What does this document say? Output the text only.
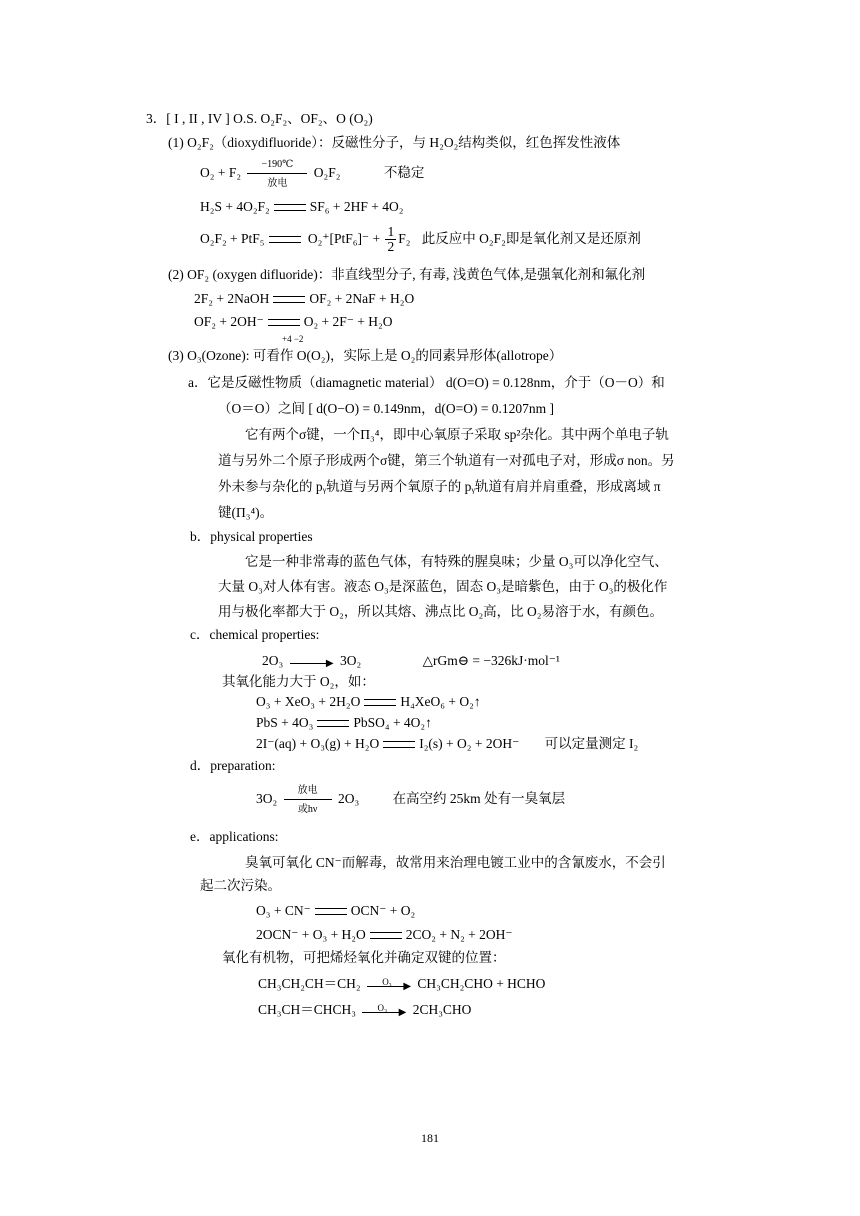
3．[ I , II , IV ] O.S. O₂F₂、OF₂、O (O₂)
(1) O₂F₂（dioxydifluoride）：反磁性分子，与 H₂O₂结构类似，红色挥发性液体
O₂ + F₂
−190℃
放电
O₂F₂	不稳定
H₂S + 4O₂F₂	SF₆ + 2HF + 4O₂
O₂F₂ + PtF₅	$O_2^+[PtF_6]^- + \frac{1}{2} F_2$ 此反应中 O₂F₂即是氧化剂又是还原剂
(2) OF₂ (oxygen difluoride)：非直线型分子, 有毒, 浅黄色气体,是强氧化剂和氟化剂
2F₂ + 2NaOH	OF₂ + 2NaF + H₂O
OF₂ + 2OH⁻	O₂ + 2F⁻ + H₂O
+4 −2
(3) O₃(Ozone): 可看作 O(O₂)，实际上是 O₂的同素异形体(allotrope）
a．它是反磁性物质（diamagnetic material） d(O=O) = 0.128nm，介于（O－O）和
（O＝O）之间 [ d(O−O) = 0.149nm，d(O=O) = 0.1207nm ]
它有两个σ键，一个Π₃⁴，即中心氧原子采取 sp²杂化。其中两个单电子轨
道与另外二个原子形成两个σ键，第三个轨道有一对孤电子对，形成σ non。另
外未参与杂化的 pᵧ轨道与另两个氧原子的 pᵧ轨道有肩并肩重叠，形成离域 π
键(Π₃⁴)。
b．physical properties
它是一种非常毒的蓝色气体，有特殊的腥臭味；少量 O₃可以净化空气、
大量 O₃对人体有害。液态 O₃是深蓝色，固态 O₃是暗紫色，由于 O₃的极化作
用与极化率都大于 O₂，所以其熔、沸点比 O₂高，比 O₂易溶于水，有颜色。
c．chemical properties:
2O₃	▶ 3O₂	△rGm⊖ = −326kJ·mol⁻¹
其氧化能力大于 O₂，如：
O₃ + XeO₃ + 2H₂O	H₄XeO₆ + O₂↑
PbS + 4O₃	PbSO₄ + 4O₂↑
2I⁻(aq) + O₃(g) + H₂O	I₂(s) + O₂ + 2OH⁻ 可以定量测定 I₂
d．preparation:
3O₂
放电
或hν
2O₃ 在高空约 25km 处有一臭氧层
e．applications:
臭氧可氧化 CN⁻而解毒，故常用来治理电镀工业中的含氰废水，不会引
起二次污染。
O₃ + CN⁻	OCN⁻ + O₂
2OCN⁻ + O₃ + H₂O	2CO₂ + N₂ + 2OH⁻
氧化有机物，可把烯烃氧化并确定双键的位置：
CH₃CH₂CH＝CH₂	O₃	▶ CH₃CH₂CHO + HCHO
CH₃CH＝CHCH₃	O₃	▶ 2CH₃CHO
181
